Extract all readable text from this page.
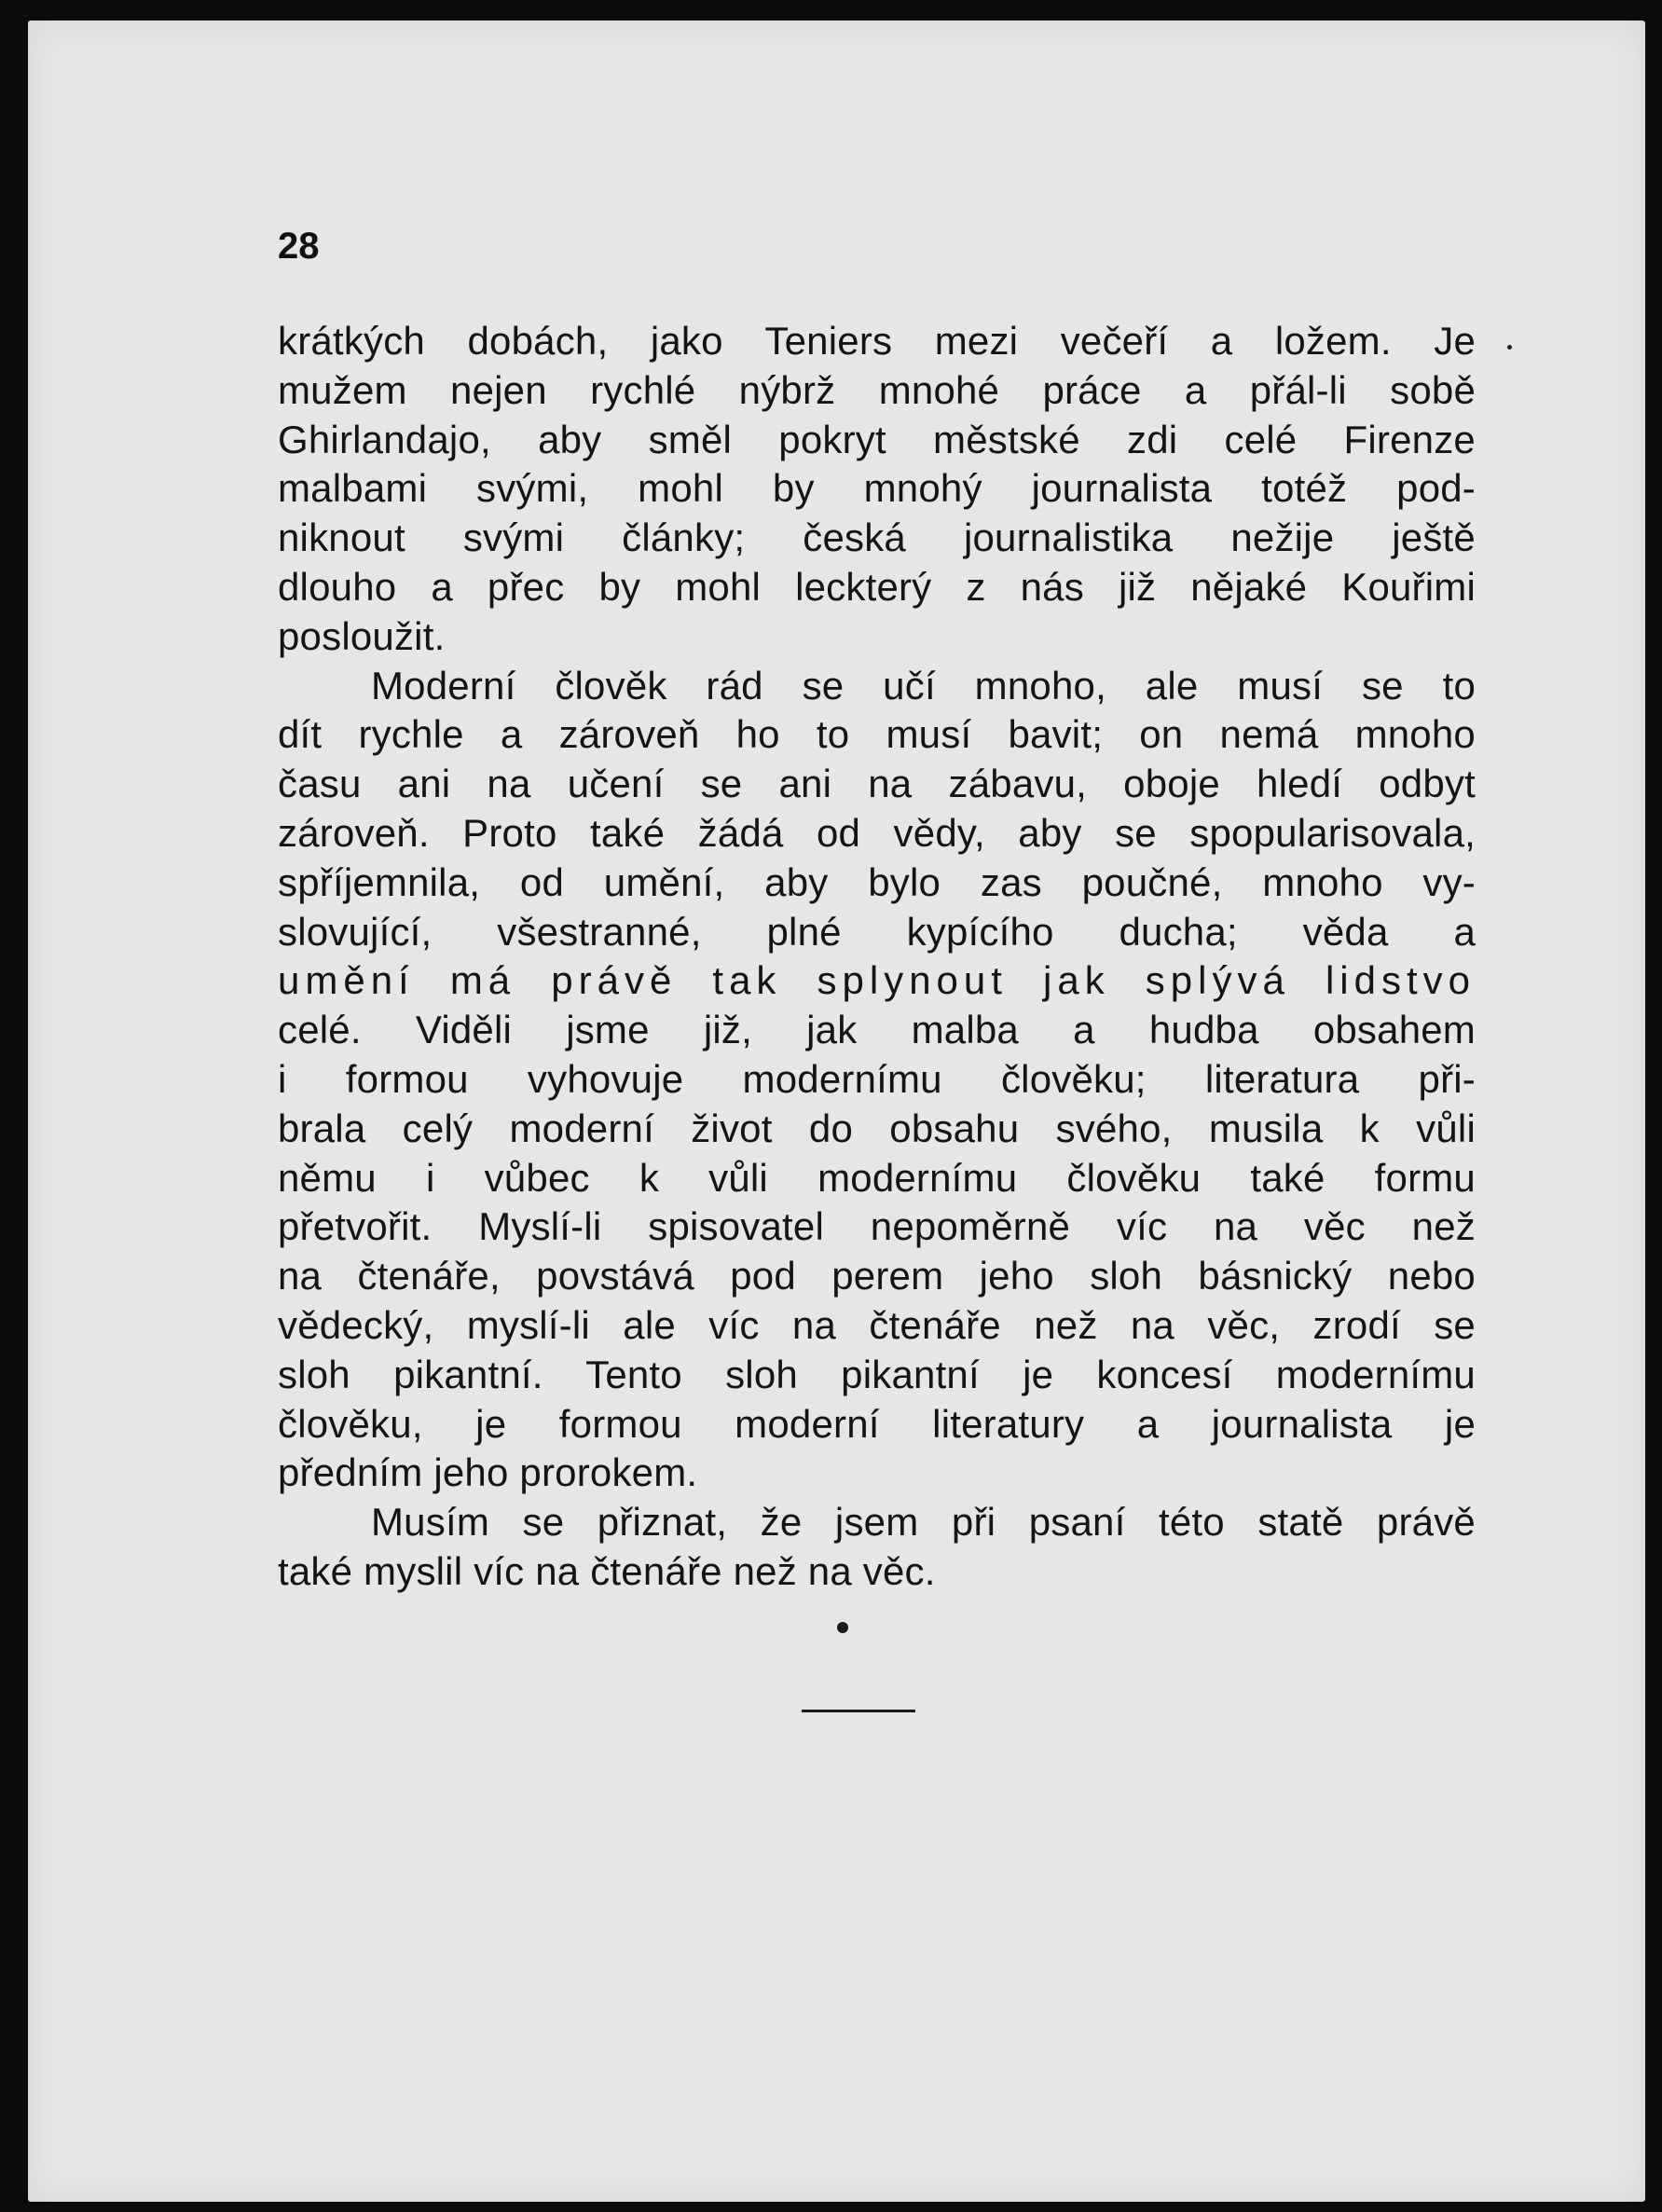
28
krátkých dobách, jako Teniers mezi večeří a ložem. Je
mužem nejen rychlé nýbrž mnohé práce a přál-li sobě
Ghirlandajo, aby směl pokryt městské zdi celé Firenze
malbami svými, mohl by mnohý journalista totéž pod-
niknout svými články; česká journalistika nežije ještě
dlouho a přec by mohl leckterý z nás již nějaké Kouřimi
posloužit.
Moderní člověk rád se učí mnoho, ale musí se to
dít rychle a zároveň ho to musí bavit; on nemá mnoho
času ani na učení se ani na zábavu, oboje hledí odbyt
zároveň. Proto také žádá od vědy, aby se spopularisovala,
spříjemnila, od umění, aby bylo zas poučné, mnoho vy-
slovující, všestranné, plné kypícího ducha; věda a
umění má právě tak splynout jak splývá lidstvo
celé. Viděli jsme již, jak malba a hudba obsahem
i formou vyhovuje modernímu člověku; literatura při-
brala celý moderní život do obsahu svého, musila k vůli
němu i vůbec k vůli modernímu člověku také formu
přetvořit. Myslí-li spisovatel nepoměrně víc na věc než
na čtenáře, povstává pod perem jeho sloh básnický nebo
vědecký, myslí-li ale víc na čtenáře než na věc, zrodí se
sloh pikantní. Tento sloh pikantní je koncesí modernímu
člověku, je formou moderní literatury a journalista je
předním jeho prorokem.
Musím se přiznat, že jsem při psaní této statě právě
také myslil víc na čtenáře než na věc.
